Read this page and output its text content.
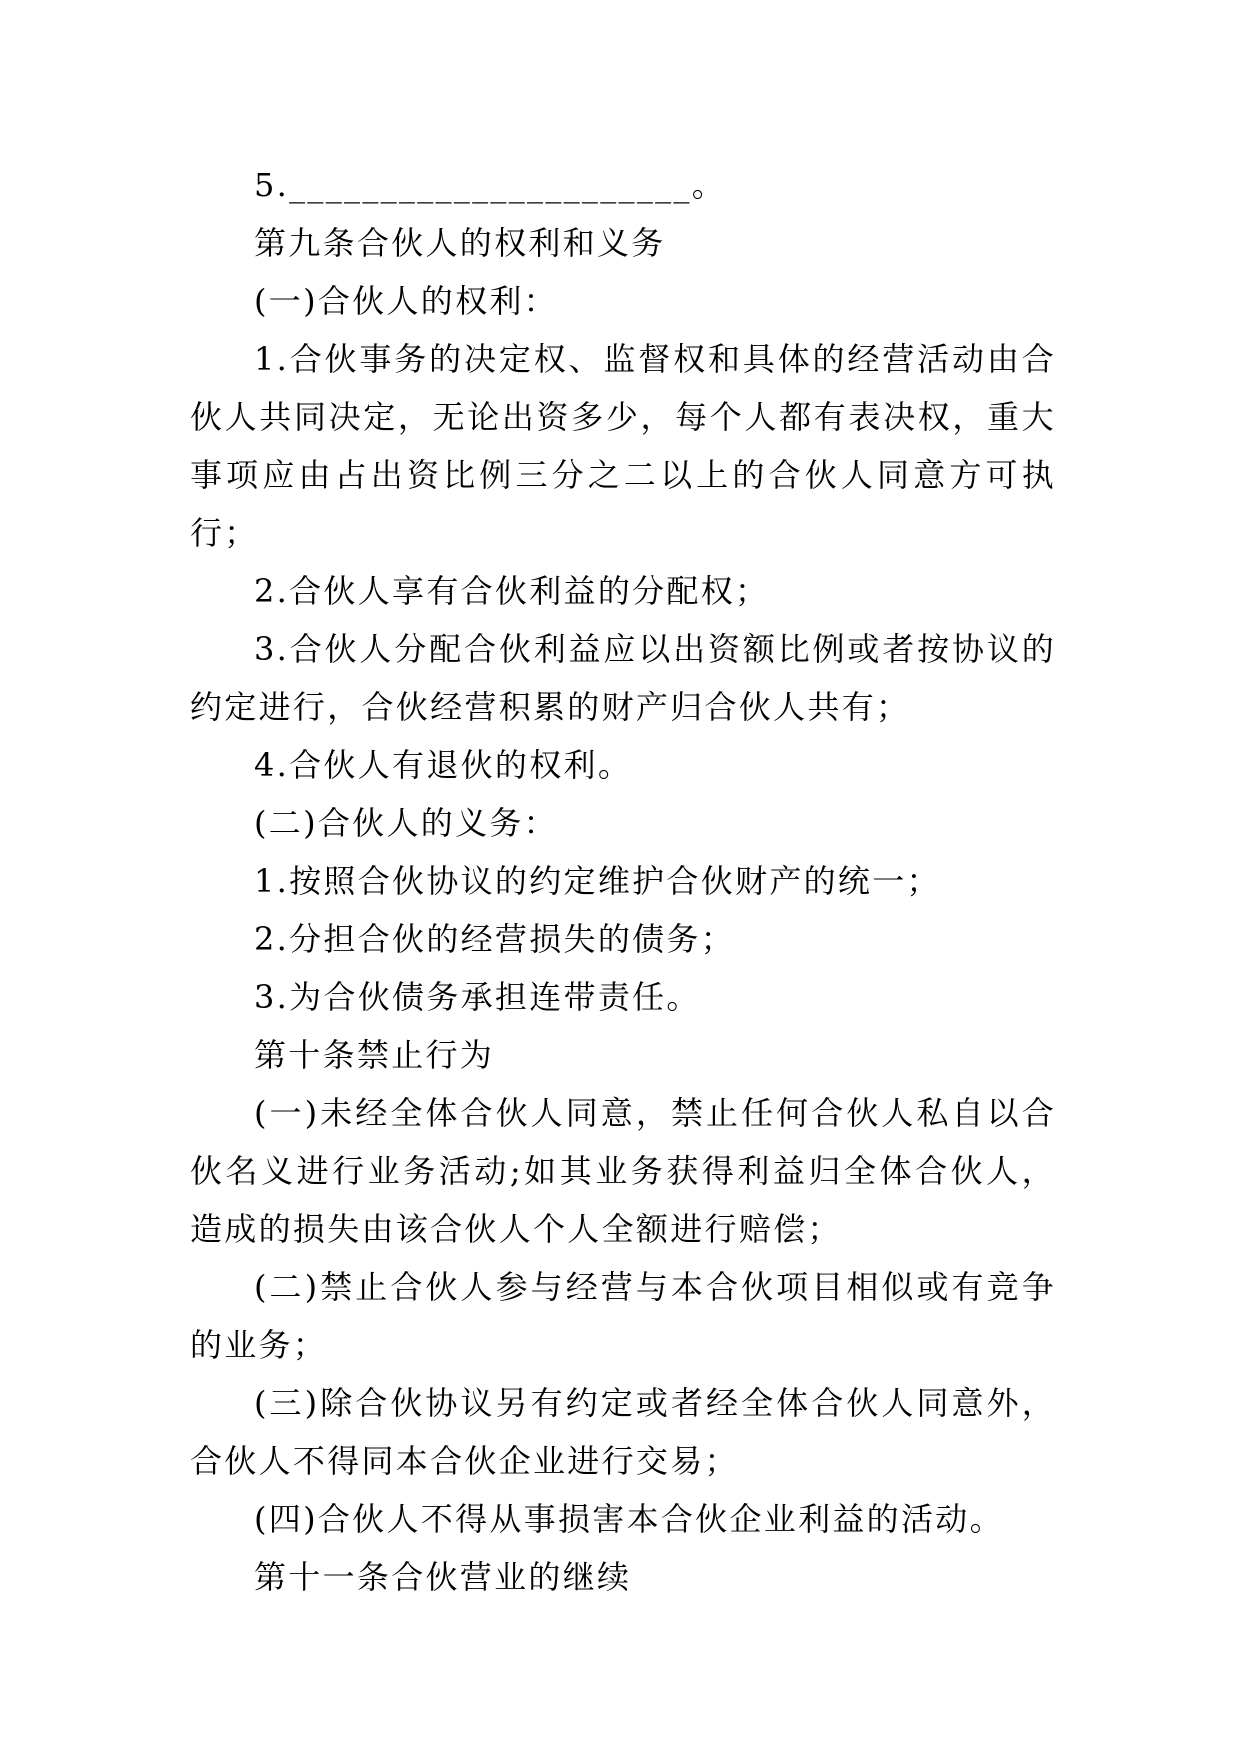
5.______________________。

第九条合伙人的权利和义务

(一)合伙人的权利：

1.合伙事务的决定权、监督权和具体的经营活动由合伙人共同决定，无论出资多少，每个人都有表决权，重大事项应由占出资比例三分之二以上的合伙人同意方可执行；

2.合伙人享有合伙利益的分配权；

3.合伙人分配合伙利益应以出资额比例或者按协议的约定进行，合伙经营积累的财产归合伙人共有；

4.合伙人有退伙的权利。

(二)合伙人的义务：

1.按照合伙协议的约定维护合伙财产的统一；

2.分担合伙的经营损失的债务；

3.为合伙债务承担连带责任。

第十条禁止行为

(一)未经全体合伙人同意，禁止任何合伙人私自以合伙名义进行业务活动;如其业务获得利益归全体合伙人，造成的损失由该合伙人个人全额进行赔偿；

(二)禁止合伙人参与经营与本合伙项目相似或有竞争的业务；

(三)除合伙协议另有约定或者经全体合伙人同意外，合伙人不得同本合伙企业进行交易；

(四)合伙人不得从事损害本合伙企业利益的活动。

第十一条合伙营业的继续
